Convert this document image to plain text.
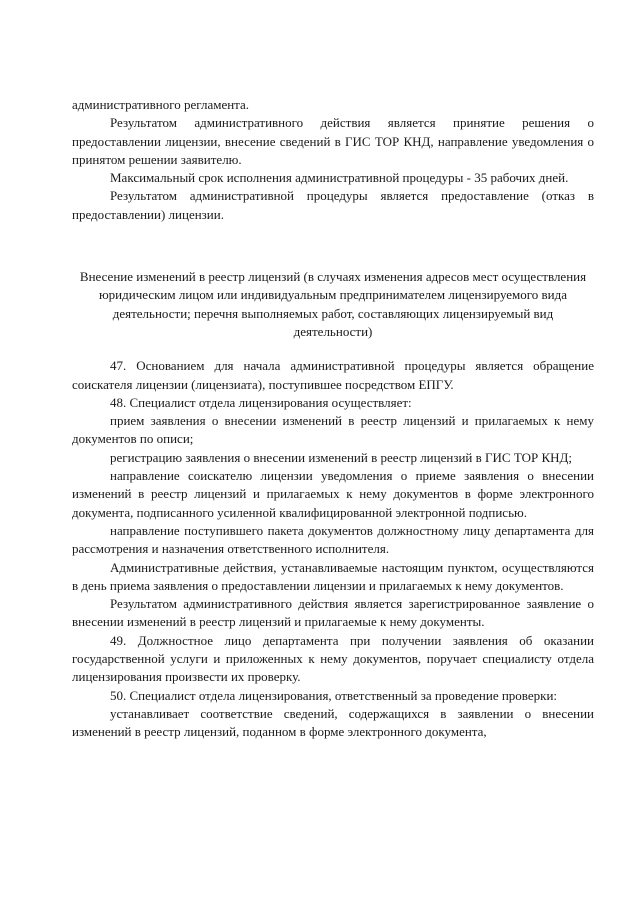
административного регламента.

Результатом административного действия является принятие решения о предоставлении лицензии, внесение сведений в ГИС ТОР КНД, направление уведомления о принятом решении заявителю.

Максимальный срок исполнения административной процедуры - 35 рабочих дней.

Результатом административной процедуры является предоставление (отказ в предоставлении) лицензии.

Внесение изменений в реестр лицензий (в случаях изменения адресов мест осуществления юридическим лицом или индивидуальным предпринимателем лицензируемого вида деятельности; перечня выполняемых работ, составляющих лицензируемый вид деятельности)

47. Основанием для начала административной процедуры является обращение соискателя лицензии (лицензиата), поступившее посредством ЕПГУ.

48. Специалист отдела лицензирования осуществляет:

прием заявления о внесении изменений в реестр лицензий и прилагаемых к нему документов по описи;

регистрацию заявления о внесении изменений в реестр лицензий в ГИС ТОР КНД;

направление соискателю лицензии уведомления о приеме заявления о внесении изменений в реестр лицензий и прилагаемых к нему документов в форме электронного документа, подписанного усиленной квалифицированной электронной подписью.

направление поступившего пакета документов должностному лицу департамента для рассмотрения и назначения ответственного исполнителя.

Административные действия, устанавливаемые настоящим пунктом, осуществляются в день приема заявления о предоставлении лицензии и прилагаемых к нему документов.

Результатом административного действия является зарегистрированное заявление о внесении изменений в реестр лицензий и прилагаемые к нему документы.

49. Должностное лицо департамента при получении заявления об оказании государственной услуги и приложенных к нему документов, поручает специалисту отдела лицензирования произвести их проверку.

50. Специалист отдела лицензирования, ответственный за проведение проверки:

устанавливает соответствие сведений, содержащихся в заявлении о внесении изменений в реестр лицензий, поданном в форме электронного документа,
